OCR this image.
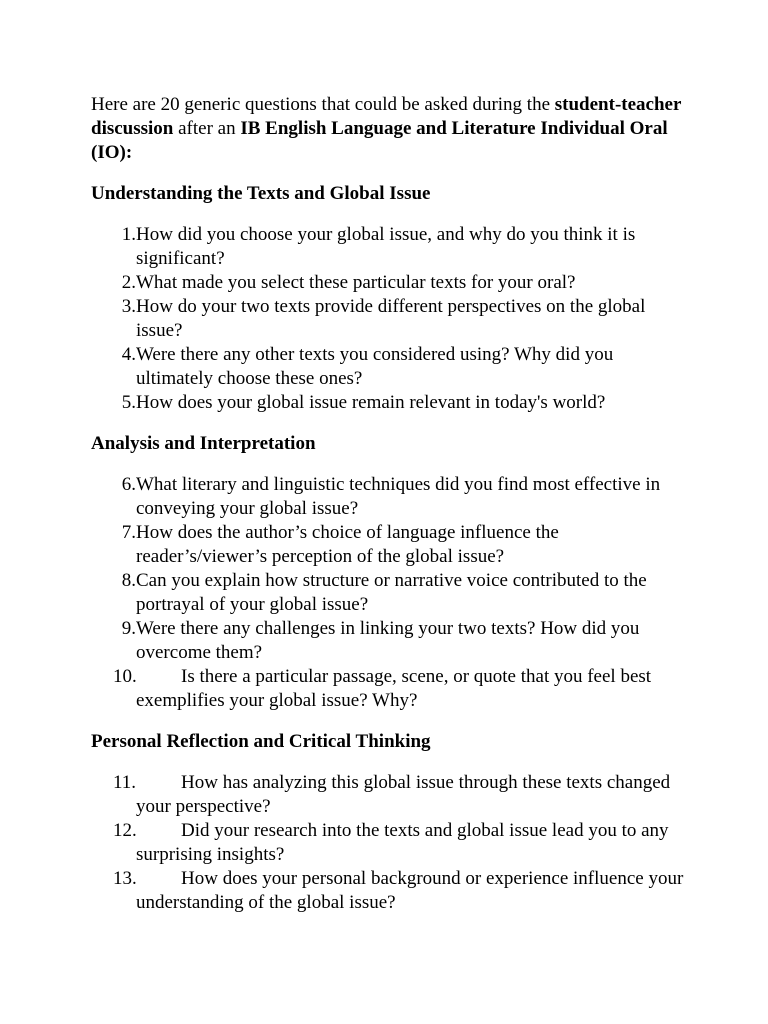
Here are 20 generic questions that could be asked during the student-teacher discussion after an IB English Language and Literature Individual Oral (IO):

Understanding the Texts and Global Issue

1. How did you choose your global issue, and why do you think it is significant?
2. What made you select these particular texts for your oral?
3. How do your two texts provide different perspectives on the global issue?
4. Were there any other texts you considered using? Why did you ultimately choose these ones?
5. How does your global issue remain relevant in today's world?

Analysis and Interpretation

6. What literary and linguistic techniques did you find most effective in conveying your global issue?
7. How does the author’s choice of language influence the reader’s/viewer’s perception of the global issue?
8. Can you explain how structure or narrative voice contributed to the portrayal of your global issue?
9. Were there any challenges in linking your two texts? How did you overcome them?
10. Is there a particular passage, scene, or quote that you feel best exemplifies your global issue? Why?

Personal Reflection and Critical Thinking

11. How has analyzing this global issue through these texts changed your perspective?
12. Did your research into the texts and global issue lead you to any surprising insights?
13. How does your personal background or experience influence your understanding of the global issue?
